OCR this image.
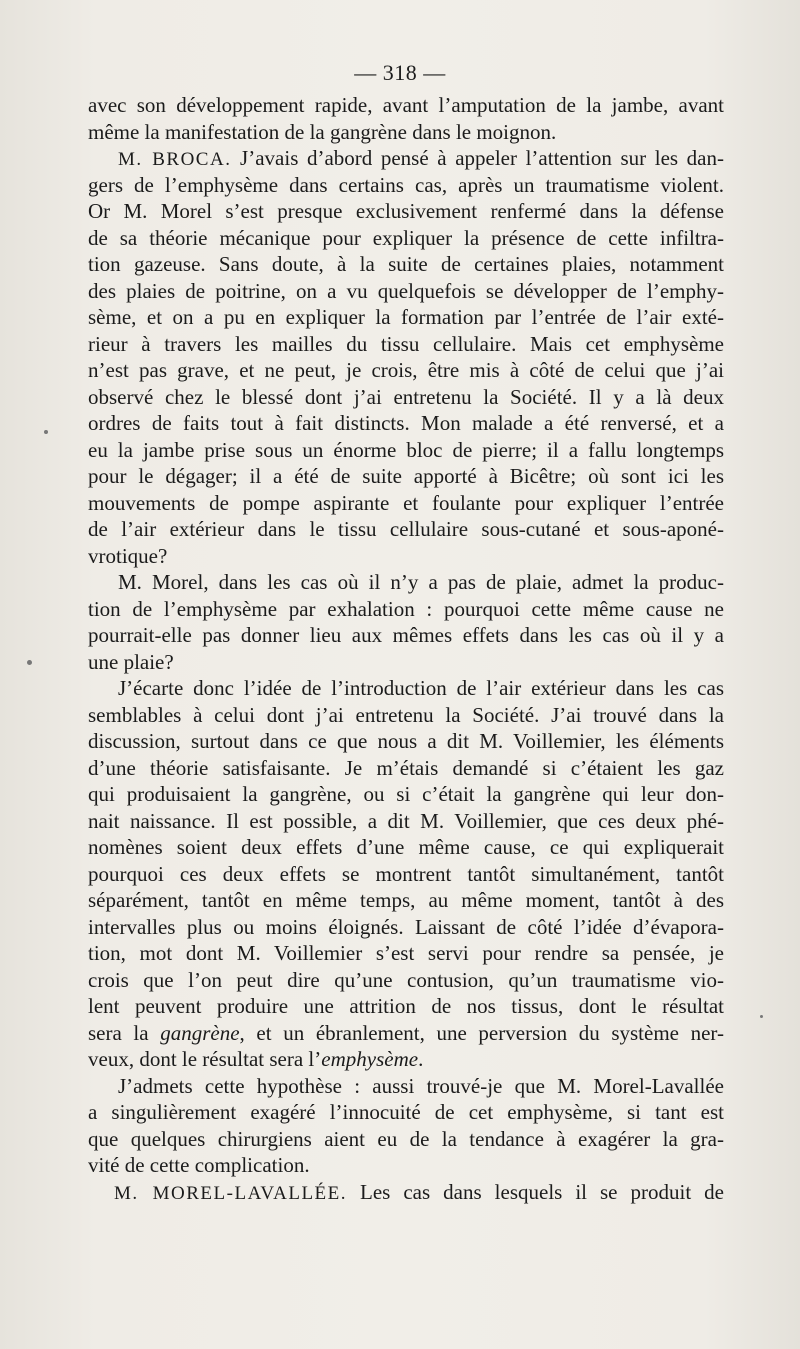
— 318 —
avec son développement rapide, avant l’amputation de la jambe, avant
même la manifestation de la gangrène dans le moignon.
M. BROCA. J’avais d’abord pensé à appeler l’attention sur les dan-
gers de l’emphysème dans certains cas, après un traumatisme violent.
Or M. Morel s’est presque exclusivement renfermé dans la défense
de sa théorie mécanique pour expliquer la présence de cette infiltra-
tion gazeuse. Sans doute, à la suite de certaines plaies, notamment
des plaies de poitrine, on a vu quelquefois se développer de l’emphy-
sème, et on a pu en expliquer la formation par l’entrée de l’air exté-
rieur à travers les mailles du tissu cellulaire. Mais cet emphysème
n’est pas grave, et ne peut, je crois, être mis à côté de celui que j’ai
observé chez le blessé dont j’ai entretenu la Société. Il y a là deux
ordres de faits tout à fait distincts. Mon malade a été renversé, et a
eu la jambe prise sous un énorme bloc de pierre; il a fallu longtemps
pour le dégager; il a été de suite apporté à Bicêtre; où sont ici les
mouvements de pompe aspirante et foulante pour expliquer l’entrée
de l’air extérieur dans le tissu cellulaire sous-cutané et sous-aponé-
vrotique?
M. Morel, dans les cas où il n’y a pas de plaie, admet la produc-
tion de l’emphysème par exhalation : pourquoi cette même cause ne
pourrait-elle pas donner lieu aux mêmes effets dans les cas où il y a
une plaie?
J’écarte donc l’idée de l’introduction de l’air extérieur dans les cas
semblables à celui dont j’ai entretenu la Société. J’ai trouvé dans la
discussion, surtout dans ce que nous a dit M. Voillemier, les éléments
d’une théorie satisfaisante. Je m’étais demandé si c’étaient les gaz
qui produisaient la gangrène, ou si c’était la gangrène qui leur don-
nait naissance. Il est possible, a dit M. Voillemier, que ces deux phé-
nomènes soient deux effets d’une même cause, ce qui expliquerait
pourquoi ces deux effets se montrent tantôt simultanément, tantôt
séparément, tantôt en même temps, au même moment, tantôt à des
intervalles plus ou moins éloignés. Laissant de côté l’idée d’évapora-
tion, mot dont M. Voillemier s’est servi pour rendre sa pensée, je
crois que l’on peut dire qu’une contusion, qu’un traumatisme vio-
lent peuvent produire une attrition de nos tissus, dont le résultat
sera la gangrène, et un ébranlement, une perversion du système ner-
veux, dont le résultat sera l’emphysème.
J’admets cette hypothèse : aussi trouvé-je que M. Morel-Lavallée
a singulièrement exagéré l’innocuité de cet emphysème, si tant est
que quelques chirurgiens aient eu de la tendance à exagérer la gra-
vité de cette complication.
M. MOREL-LAVALLÉE. Les cas dans lesquels il se produit de
